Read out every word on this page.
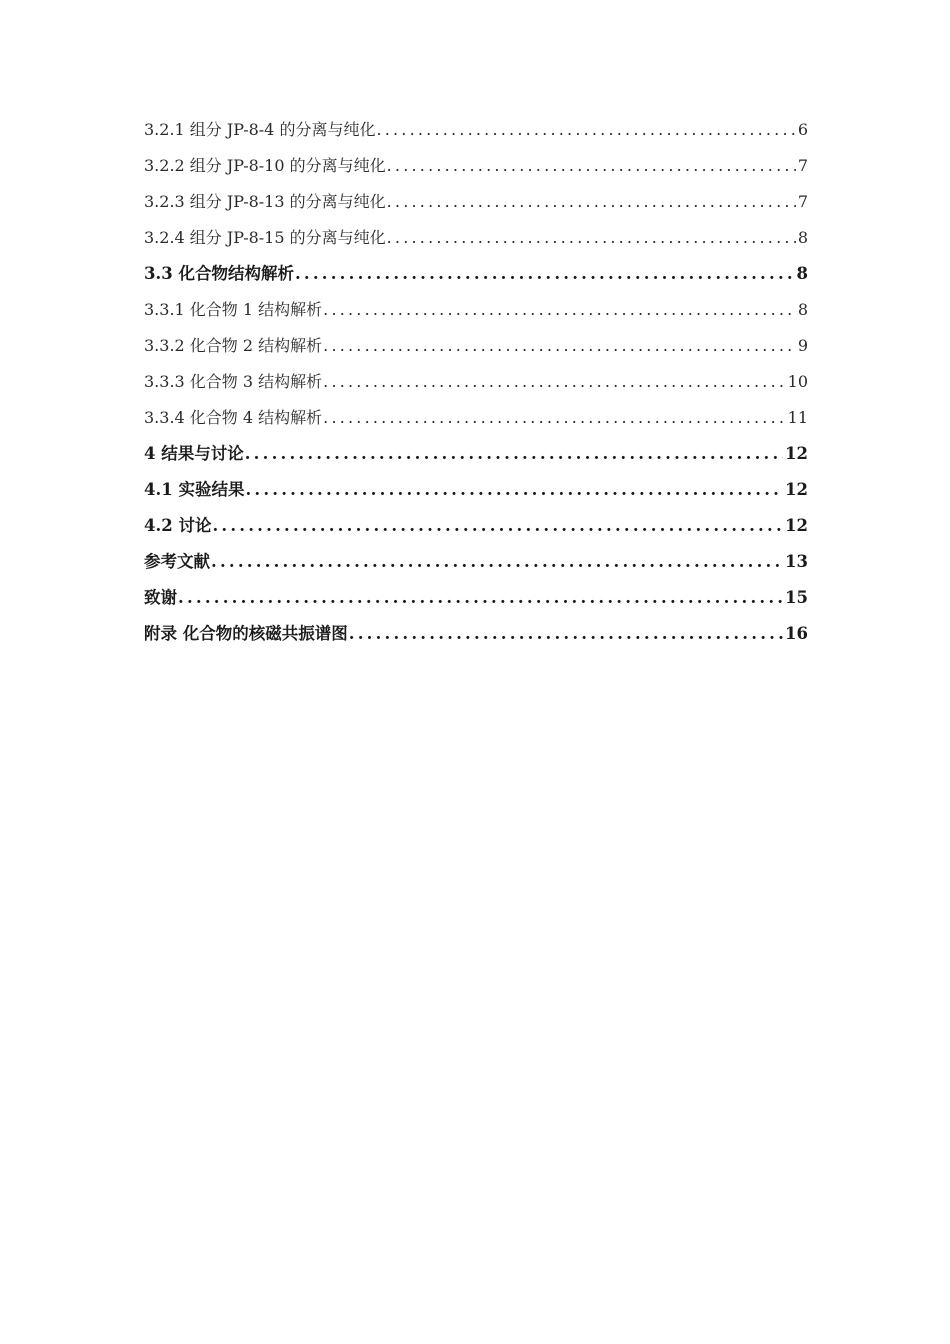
3.2.1 组分 JP-8-4 的分离与纯化 .....	6
3.2.2 组分 JP-8-10 的分离与纯化 .....	7
3.2.3 组分 JP-8-13 的分离与纯化 .....	7
3.2.4 组分 JP-8-15 的分离与纯化 .....	8
3.3 化合物结构解析 .....	8
3.3.1 化合物 1 结构解析 .....	8
3.3.2 化合物 2 结构解析 .....	9
3.3.3 化合物 3 结构解析 .....	10
3.3.4 化合物 4 结构解析 .....	11
4 结果与讨论 .....	12
4.1 实验结果 .....	12
4.2 讨论 .....	12
参考文献 .....	13
致谢 .....	15
附录 化合物的核磁共振谱图 .....	16
